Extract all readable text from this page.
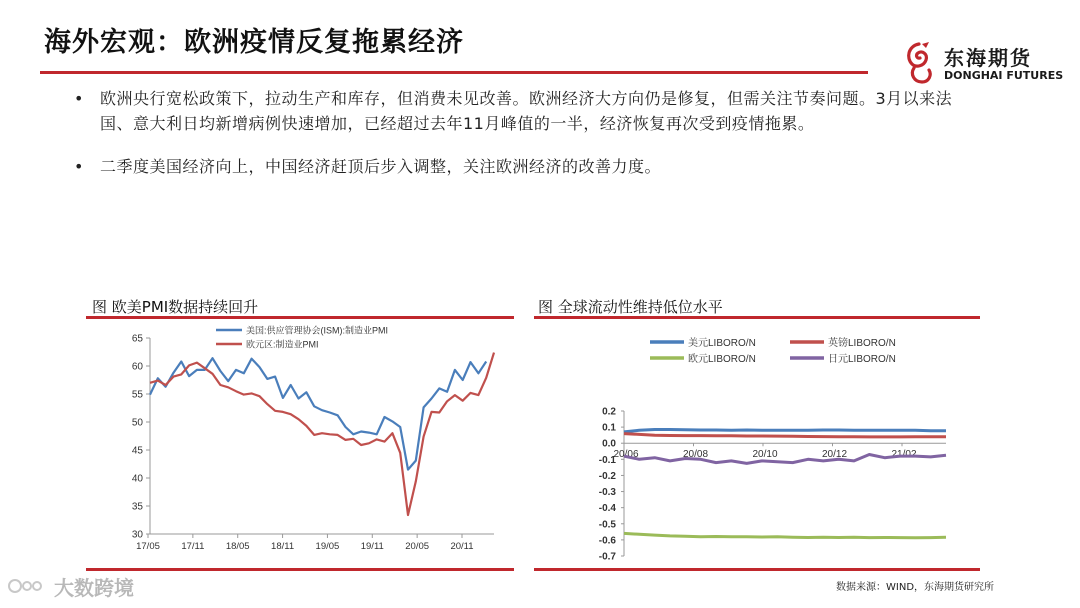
海外宏观：欧洲疫情反复拖累经济	东海期货
DONGHAI FUTURES
• 欧洲央行宽松政策下，拉动生产和库存，但消费未见改善。欧洲经济大方向仍是修复，但需关注节奏问题。3月以来法国、意大利日均新增病例快速增加，已经超过去年11月峰值的一半，经济恢复再次受到疫情拖累。
• 二季度美国经济向上，中国经济赶顶后步入调整，关注欧洲经济的改善力度。
图 欧美PMI数据持续回升	图 全球流动性维持低位水平
30
35
40
45
50
55
60
65
17/05 17/11 18/05 18/11 19/05 19/11 20/05 20/11
美国:供应管理协会(ISM):制造业PMI
欧元区:制造业PMI
0.2
0.1
0.0
-0.1
-0.2
-0.3
-0.4
-0.5
-0.6
-0.7
20/06	20/08	20/10	20/12	21/02
美元LIBORO/N	英镑LIBORO/N
欧元LIBORO/N	日元LIBORO/N
数据来源：WIND，东海期货研究所
大数跨境
